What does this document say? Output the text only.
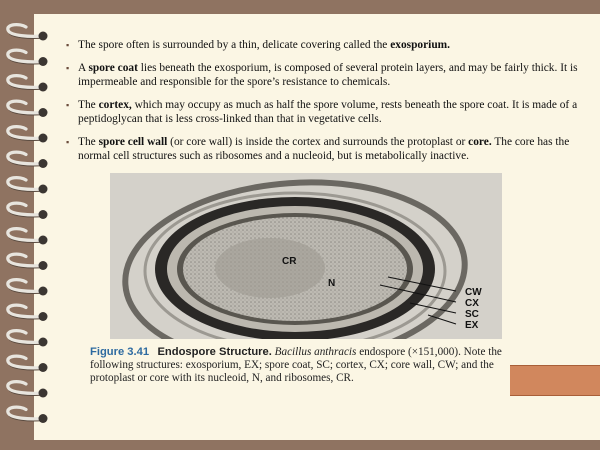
▪ The spore often is surrounded by a thin, delicate covering called the exosporium.
▪ A spore coat lies beneath the exosporium, is composed of several protein layers, and may be fairly thick. It is impermeable and responsible for the spore’s resistance to chemicals.
▪ The cortex, which may occupy as much as half the spore volume, rests beneath the spore coat. It is made of a peptidoglycan that is less cross-linked than that in vegetative cells.
▪ The spore cell wall (or core wall) is inside the cortex and surrounds the protoplast or core. The core has the normal cell structures such as ribosomes and a nucleoid, but is metabolically inactive.
CR
N
CW
CX
SC
EX
Figure 3.41 Endospore Structure. Bacillus anthracis endospore (×151,000). Note the following structures: exosporium, EX; spore coat, SC; cortex, CX; core wall, CW; and the protoplast or core with its nucleoid, N, and ribosomes, CR.
